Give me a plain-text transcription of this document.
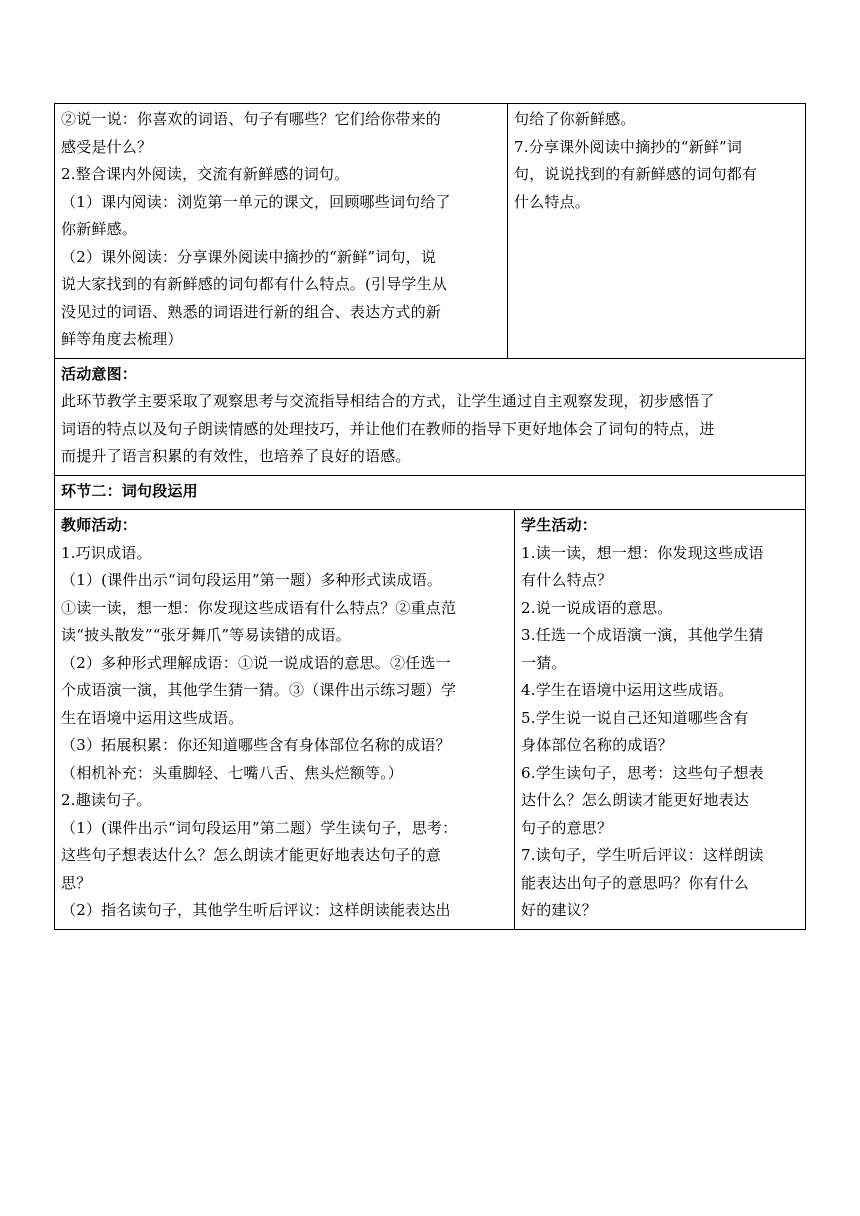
②说一说：你喜欢的词语、句子有哪些？它们给你带来的
感受是什么？
2.整合课内外阅读，交流有新鲜感的词句。
（1）课内阅读：浏览第一单元的课文，回顾哪些词句给了
你新鲜感。
（2）课外阅读：分享课外阅读中摘抄的“新鲜”词句，说
说大家找到的有新鲜感的词句都有什么特点。(引导学生从
没见过的词语、熟悉的词语进行新的组合、表达方式的新
鲜等角度去梳理）
句给了你新鲜感。
7.分享课外阅读中摘抄的“新鲜”词
句，说说找到的有新鲜感的词句都有
什么特点。
活动意图：
此环节教学主要采取了观察思考与交流指导相结合的方式，让学生通过自主观察发现，初步感悟了
词语的特点以及句子朗读情感的处理技巧，并让他们在教师的指导下更好地体会了词句的特点，进
而提升了语言积累的有效性，也培养了良好的语感。
环节二：词句段运用
教师活动：
1.巧识成语。
（1）(课件出示“词句段运用”第一题）多种形式读成语。
①读一读，想一想：你发现这些成语有什么特点？②重点范
读“披头散发”“张牙舞爪”等易读错的成语。
（2）多种形式理解成语：①说一说成语的意思。②任选一
个成语演一演，其他学生猜一猜。③（课件出示练习题）学
生在语境中运用这些成语。
（3）拓展积累：你还知道哪些含有身体部位名称的成语？
（相机补充：头重脚轻、七嘴八舌、焦头烂额等。）
2.趣读句子。
（1）(课件出示“词句段运用”第二题）学生读句子，思考：
这些句子想表达什么？怎么朗读才能更好地表达句子的意
思？
（2）指名读句子，其他学生听后评议：这样朗读能表达出
学生活动：
1.读一读，想一想：你发现这些成语
有什么特点？
2.说一说成语的意思。
3.任选一个成语演一演，其他学生猜
一猜。
4.学生在语境中运用这些成语。
5.学生说一说自己还知道哪些含有
身体部位名称的成语？
6.学生读句子，思考：这些句子想表
达什么？怎么朗读才能更好地表达
句子的意思？
7.读句子，学生听后评议：这样朗读
能表达出句子的意思吗？你有什么
好的建议？
